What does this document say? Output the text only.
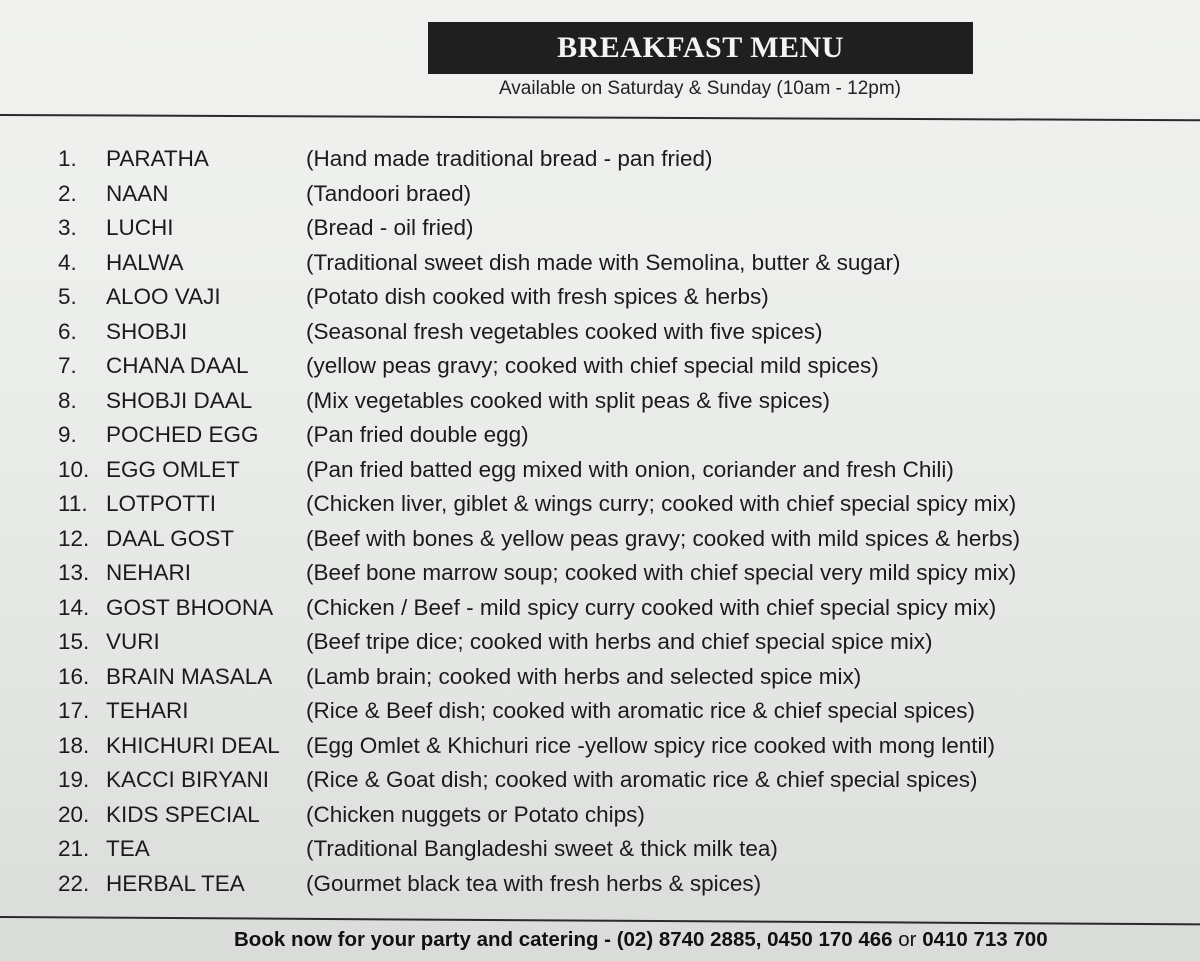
BREAKFAST MENU
Available on Saturday & Sunday (10am - 12pm)
1.	PARATHA	(Hand made traditional bread - pan fried)
2.	NAAN	(Tandoori braed)
3.	LUCHI	(Bread - oil fried)
4.	HALWA	(Traditional sweet dish made with Semolina, butter & sugar)
5.	ALOO VAJI	(Potato dish cooked with fresh spices & herbs)
6.	SHOBJI	(Seasonal fresh vegetables cooked with five spices)
7.	CHANA DAAL	(yellow peas gravy; cooked with chief special mild spices)
8.	SHOBJI DAAL (Mix vegetables cooked with split peas & five spices)
9.	POCHED EGG (Pan fried double egg)
10. EGG OMLET	(Pan fried batted egg mixed with onion, coriander and fresh Chili)
11. LOTPOTTI	(Chicken liver, giblet & wings curry; cooked with chief special spicy mix)
12. DAAL GOST	(Beef with bones & yellow peas gravy; cooked with mild spices & herbs)
13. NEHARI	(Beef bone marrow soup; cooked with chief special very mild spicy mix)
14. GOST BHOONA (Chicken / Beef - mild spicy curry cooked with chief special spicy mix)
15. VURI	(Beef tripe dice; cooked with herbs and chief special spice mix)
16. BRAIN MASALA (Lamb brain; cooked with herbs and selected spice mix)
17. TEHARI	(Rice & Beef dish; cooked with aromatic rice & chief special spices)
18. KHICHURI DEAL (Egg Omlet & Khichuri rice -yellow spicy rice cooked with mong lentil)
19. KACCI BIRYANI (Rice & Goat dish; cooked with aromatic rice & chief special spices)
20. KIDS SPECIAL (Chicken nuggets or Potato chips)
21. TEA	(Traditional Bangladeshi sweet & thick milk tea)
22. HERBAL TEA	(Gourmet black tea with fresh herbs & spices)
Book now for your party and catering - (02) 8740 2885, 0450 170 466 or 0410 713 700
